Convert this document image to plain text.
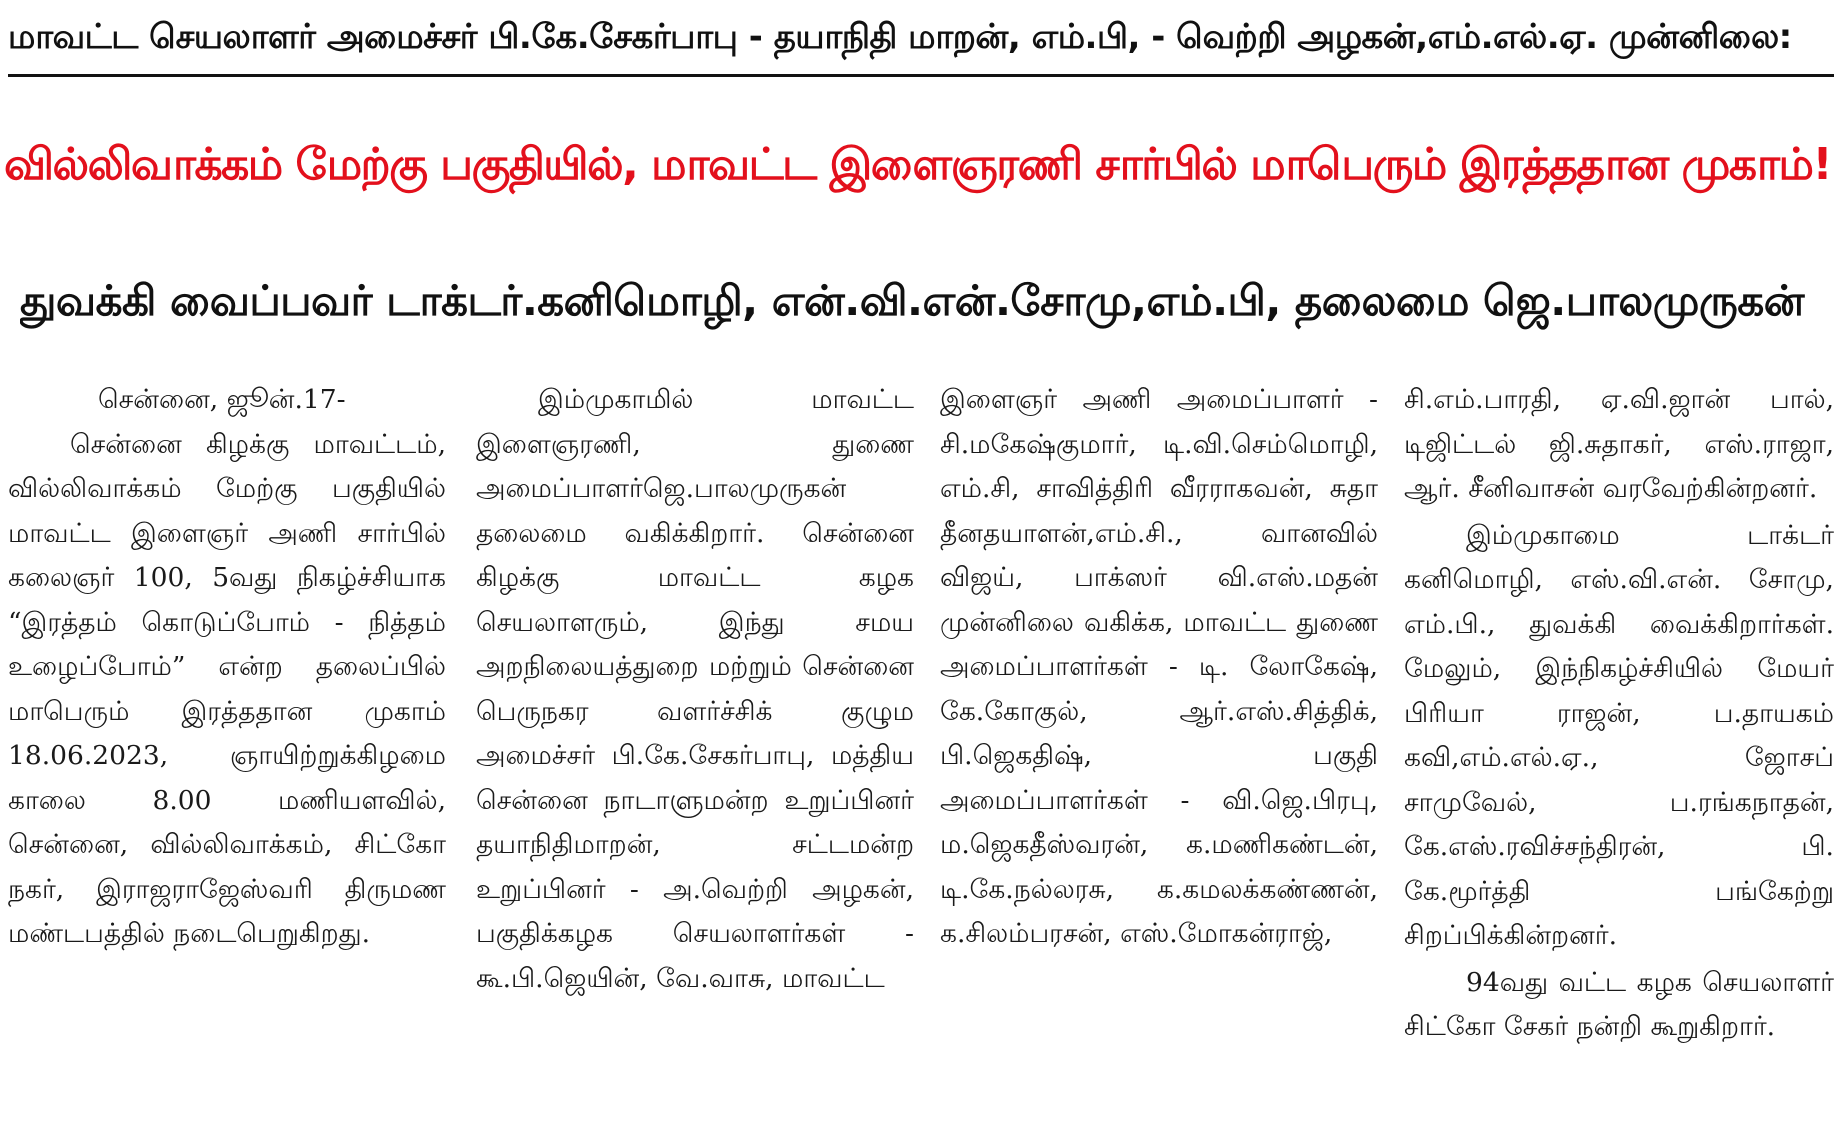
மாவட்ட செயலாளர் அமைச்சர் பி.கே.சேகர்பாபு - தயாநிதி மாறன், எம்.பி, - வெற்றி அழகன்,எம்.எல்.ஏ. முன்னிலை:
வில்லிவாக்கம் மேற்கு பகுதியில், மாவட்ட இளைஞரணி சார்பில் மாபெரும் இரத்ததான முகாம்!
துவக்கி வைப்பவர் டாக்டர்.கனிமொழி, என்.வி.என்.சோமு,எம்.பி, தலைமை ஜெ.பாலமுருகன்

சென்னை, ஜூன்.17-

சென்னை கிழக்கு மாவட்டம், வில்லிவாக்கம் மேற்கு பகுதியில் மாவட்ட இளைஞர் அணி சார்பில் கலைஞர் 100, 5வது நிகழ்ச்சியாக “இரத்தம் கொடுப்போம் - நித்தம் உழைப்போம்” என்ற தலைப்பில் மாபெரும் இரத்ததான முகாம் 18.06.2023, ஞாயிற்றுக்கிழமை காலை 8.00 மணியளவில், சென்னை, வில்லிவாக்கம், சிட்கோ நகர், இராஜராஜேஸ்வரி திருமண மண்டபத்தில் நடைபெறுகிறது.

இம்முகாமில் மாவட்ட இளைஞரணி, துணை அமைப்பாளர்ஜெ.பாலமுருகன் தலைமை வகிக்கிறார். சென்னை கிழக்கு மாவட்ட கழக செயலாளரும், இந்து சமய அறநிலையத்துறை மற்றும் சென்னை பெருநகர வளர்ச்சிக் குழும அமைச்சர் பி.கே.சேகர்பாபு, மத்திய சென்னை நாடாளுமன்ற உறுப்பினர் தயாநிதிமாறன், சட்டமன்ற உறுப்பினர் - அ.வெற்றி அழகன், பகுதிக்கழக செயலாளர்கள் - கூ.பி.ஜெயின், வே.வாசு, மாவட்ட

இளைஞர் அணி அமைப்பாளர் - சி.மகேஷ்குமார், டி.வி.செம்மொழி, எம்.சி, சாவித்திரி வீரராகவன், சுதா தீனதயாளன்,எம்.சி., வானவில் விஜய், பாக்ஸர் வி.எஸ்.மதன் முன்னிலை வகிக்க, மாவட்ட துணை அமைப்பாளர்கள் - டி. லோகேஷ், கே.கோகுல், ஆர்.எஸ்.சித்திக், பி.ஜெகதிஷ், பகுதி அமைப்பாளர்கள் - வி.ஜெ.பிரபு, ம.ஜெகதீஸ்வரன், க.மணிகண்டன், டி.கே.நல்லரசு, க.கமலக்கண்ணன், க.சிலம்பரசன், எஸ்.மோகன்ராஜ்,

சி.எம்.பாரதி, ஏ.வி.ஜான் பால், டிஜிட்டல் ஜி.சுதாகர், எஸ்.ராஜா, ஆர். சீனிவாசன் வரவேற்கின்றனர்.

இம்முகாமை டாக்டர் கனிமொழி, எஸ்.வி.என். சோமு, எம்.பி., துவக்கி வைக்கிறார்கள். மேலும், இந்நிகழ்ச்சியில் மேயர் பிரியா ராஜன், ப.தாயகம் கவி,எம்.எல்.ஏ., ஜோசப் சாமுவேல், ப.ரங்கநாதன், கே.எஸ்.ரவிச்சந்திரன், பி. கே.மூர்த்தி பங்கேற்று சிறப்பிக்கின்றனர்.

94வது வட்ட கழக செயலாளர் சிட்கோ சேகர் நன்றி கூறுகிறார்.
